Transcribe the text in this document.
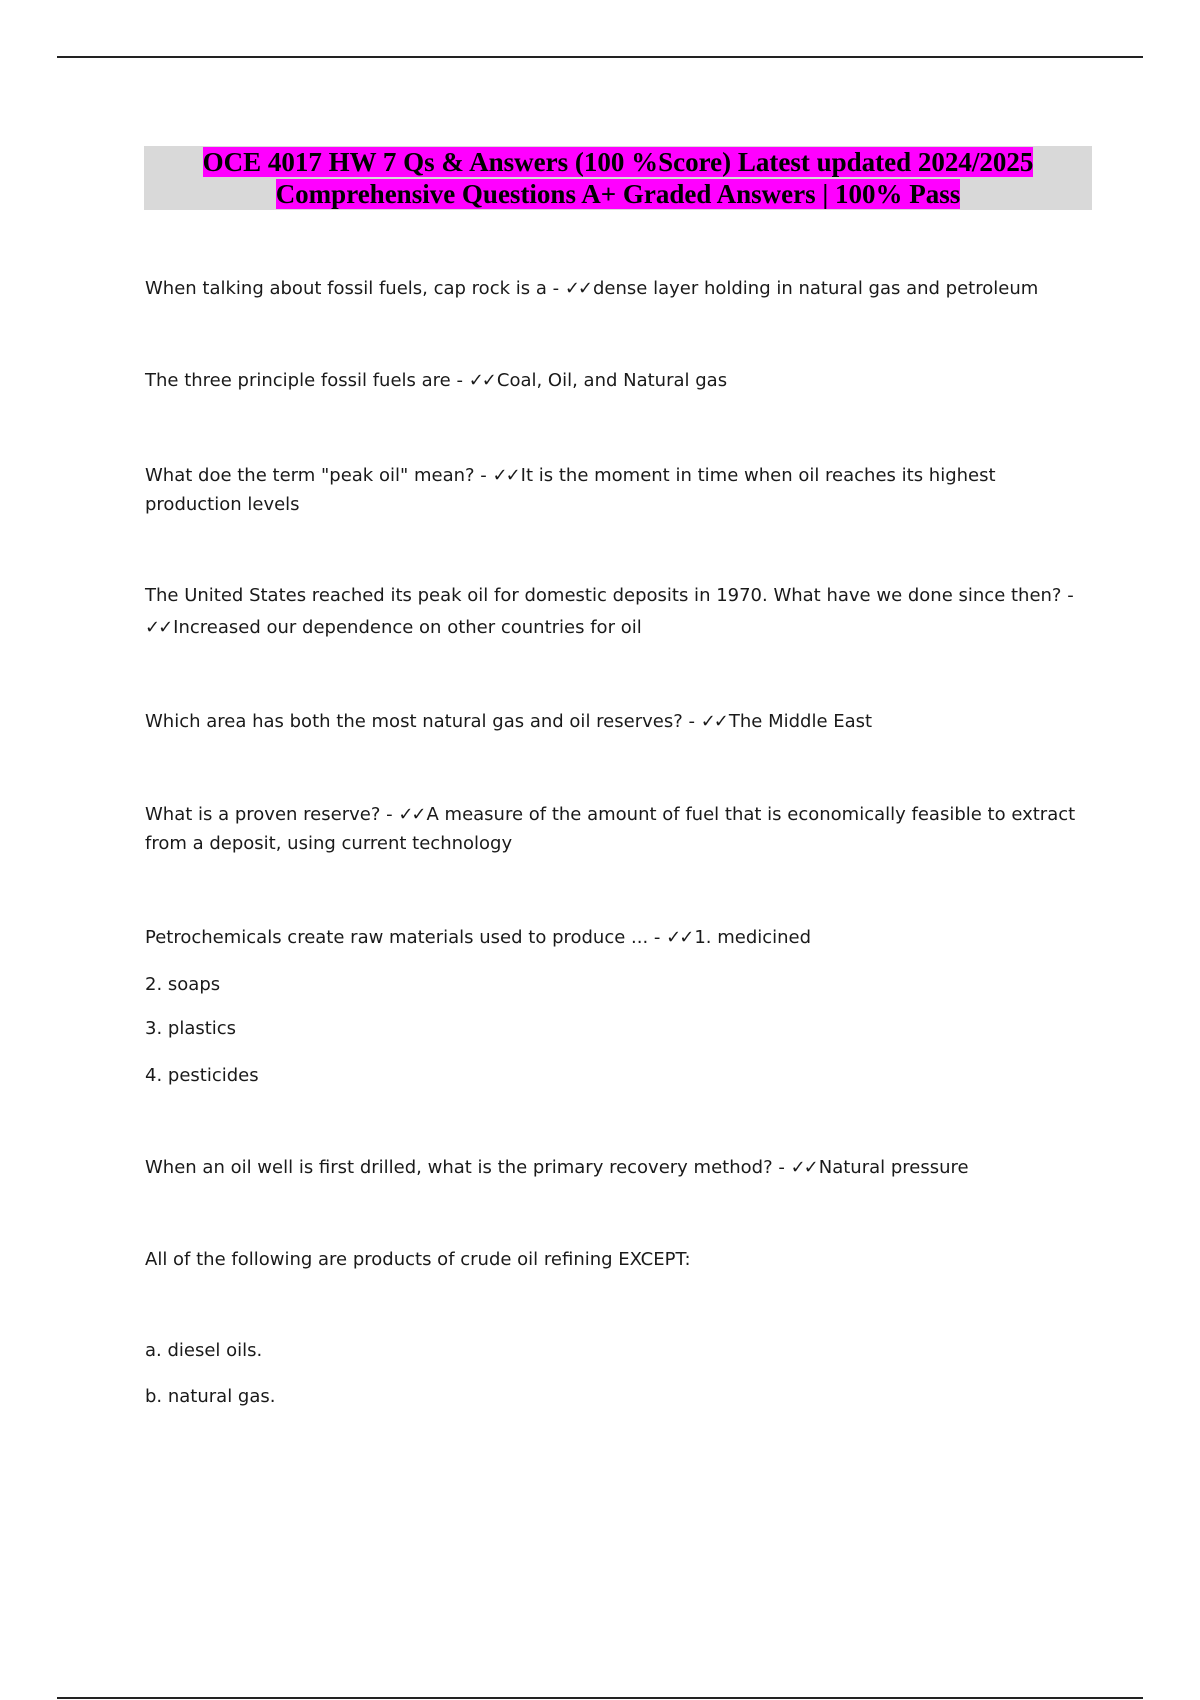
OCE 4017 HW 7 Qs & Answers (100 %Score) Latest updated 2024/2025
Comprehensive Questions A+ Graded Answers | 100% Pass

When talking about fossil fuels, cap rock is a - ✓✓ dense layer holding in natural gas and petroleum

The three principle fossil fuels are - ✓✓ Coal, Oil, and Natural gas

What doe the term "peak oil" mean? - ✓✓ It is the moment in time when oil reaches its highest production levels

The United States reached its peak oil for domestic deposits in 1970. What have we done since then? - ✓✓ Increased our dependence on other countries for oil

Which area has both the most natural gas and oil reserves? - ✓✓ The Middle East

What is a proven reserve? - ✓✓ A measure of the amount of fuel that is economically feasible to extract from a deposit, using current technology

Petrochemicals create raw materials used to produce ... - ✓✓ 1. medicined

2. soaps

3. plastics

4. pesticides

When an oil well is first drilled, what is the primary recovery method? - ✓✓ Natural pressure

All of the following are products of crude oil refining EXCEPT:

a. diesel oils.

b. natural gas.
